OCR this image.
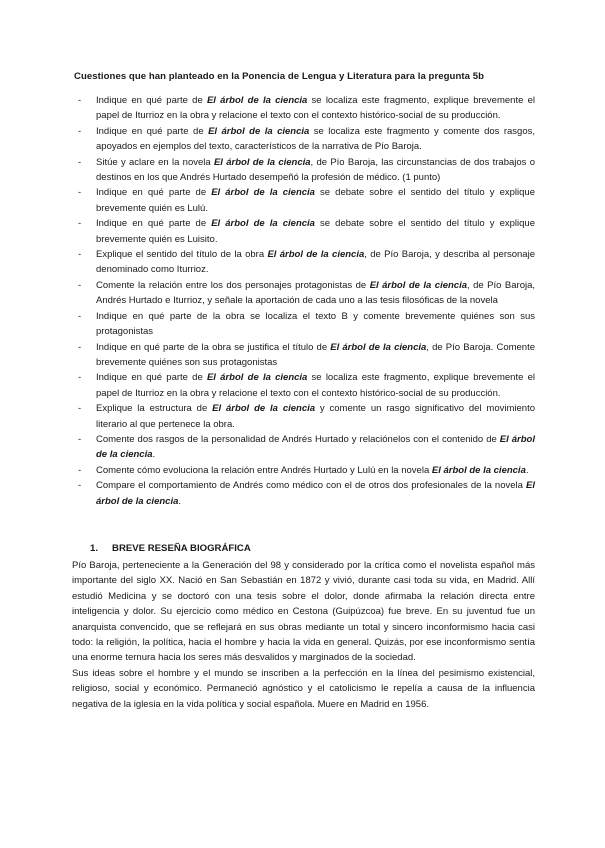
Cuestiones que han planteado en la Ponencia de Lengua y Literatura para la pregunta 5b
- Indique en qué parte de El árbol de la ciencia se localiza este fragmento, explique brevemente el papel de Iturrioz en la obra y relacione el texto con el contexto histórico-social de su producción.
- Indique en qué parte de El árbol de la ciencia se localiza este fragmento y comente dos rasgos, apoyados en ejemplos del texto, característicos de la narrativa de Pío Baroja.
- Sitúe y aclare en la novela El árbol de la ciencia, de Pío Baroja, las circunstancias de dos trabajos o destinos en los que Andrés Hurtado desempeñó la profesión de médico. (1 punto)
- Indique en qué parte de El árbol de la ciencia se debate sobre el sentido del título y explique brevemente quién es Lulú.
- Indique en qué parte de El árbol de la ciencia se debate sobre el sentido del título y explique brevemente quién es Luisito.
- Explique el sentido del título de la obra El árbol de la ciencia, de Pío Baroja, y describa al personaje denominado como Iturrioz.
- Comente la relación entre los dos personajes protagonistas de El árbol de la ciencia, de Pío Baroja, Andrés Hurtado e Iturrioz, y señale la aportación de cada uno a las tesis filosóficas de la novela
- Indique en qué parte de la obra se localiza el texto B y comente brevemente quiénes son sus protagonistas
- Indique en qué parte de la obra se justifica el título de El árbol de la ciencia, de Pío Baroja. Comente brevemente quiénes son sus protagonistas
- Indique en qué parte de El árbol de la ciencia se localiza este fragmento, explique brevemente el papel de Iturrioz en la obra y relacione el texto con el contexto histórico-social de su producción.
- Explique la estructura de El árbol de la ciencia y comente un rasgo significativo del movimiento literario al que pertenece la obra.
- Comente dos rasgos de la personalidad de Andrés Hurtado y relaciónelos con el contenido de El árbol de la ciencia.
- Comente cómo evoluciona la relación entre Andrés Hurtado y Lulú en la novela El árbol de la ciencia.
- Compare el comportamiento de Andrés como médico con el de otros dos profesionales de la novela El árbol de la ciencia.
1. BREVE RESEÑA BIOGRÁFICA

Pío Baroja, perteneciente a la Generación del 98 y considerado por la crítica como el novelista español más importante del siglo XX. Nació en San Sebastián en 1872 y vivió, durante casi toda su vida, en Madrid. Allí estudió Medicina y se doctoró con una tesis sobre el dolor, donde afirmaba la relación directa entre inteligencia y dolor. Su ejercicio como médico en Cestona (Guipúzcoa) fue breve. En su juventud fue un anarquista convencido, que se reflejará en sus obras mediante un total y sincero inconformismo hacia casi todo: la religión, la política, hacia el hombre y hacia la vida en general. Quizás, por ese inconformismo sentía una enorme ternura hacia los seres más desvalidos y marginados de la sociedad.

Sus ideas sobre el hombre y el mundo se inscriben a la perfección en la línea del pesimismo existencial, religioso, social y económico. Permaneció agnóstico y el catolicismo le repelía a causa de la influencia negativa de la iglesia en la vida política y social española. Muere en Madrid en 1956.
